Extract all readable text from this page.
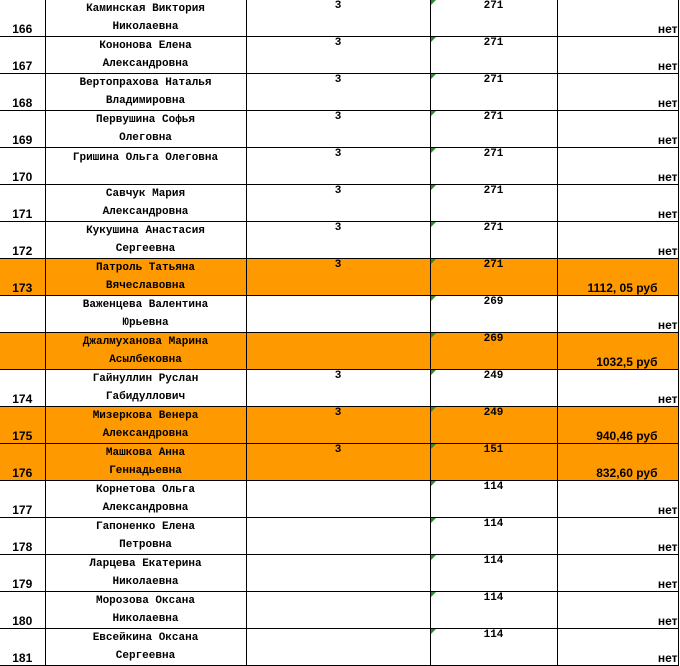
166	Каминская Виктория
Николаевна	3	271	нет
167	Кононова Елена
Александровна	3	271	нет
168	Вертопрахова Наталья
Владимировна	3	271	нет
169	Первушина Софья
Олеговна	3	271	нет
170	Гришина Ольга Олеговна	3	271	нет
171	Савчук Мария
Александровна	3	271	нет
172	Кукушина Анастасия
Сергеевна	3	271	нет
173	Патроль Татьяна
Вячеславовна	3	271	1112, 05 руб

	Важенцева Валентина
Юрьевна		269	нет

	Джалмуханова Марина
Асылбековна		269	1032,5 руб
174	Гайнуллин Руслан
Габидуллович	3	249	нет
175	Мизеркова Венера
Александровна	3	249	940,46 руб
176	Машкова Анна
Геннадьевна	3	151	832,60 руб
177	Корнетова Ольга
Александровна		114	нет
178	Гапоненко Елена
Петровна		114	нет
179	Ларцева Екатерина
Николаевна		114	нет
180	Морозова Оксана
Николаевна		114	нет
181	Евсейкина Оксана
Сергеевна		114	нет
